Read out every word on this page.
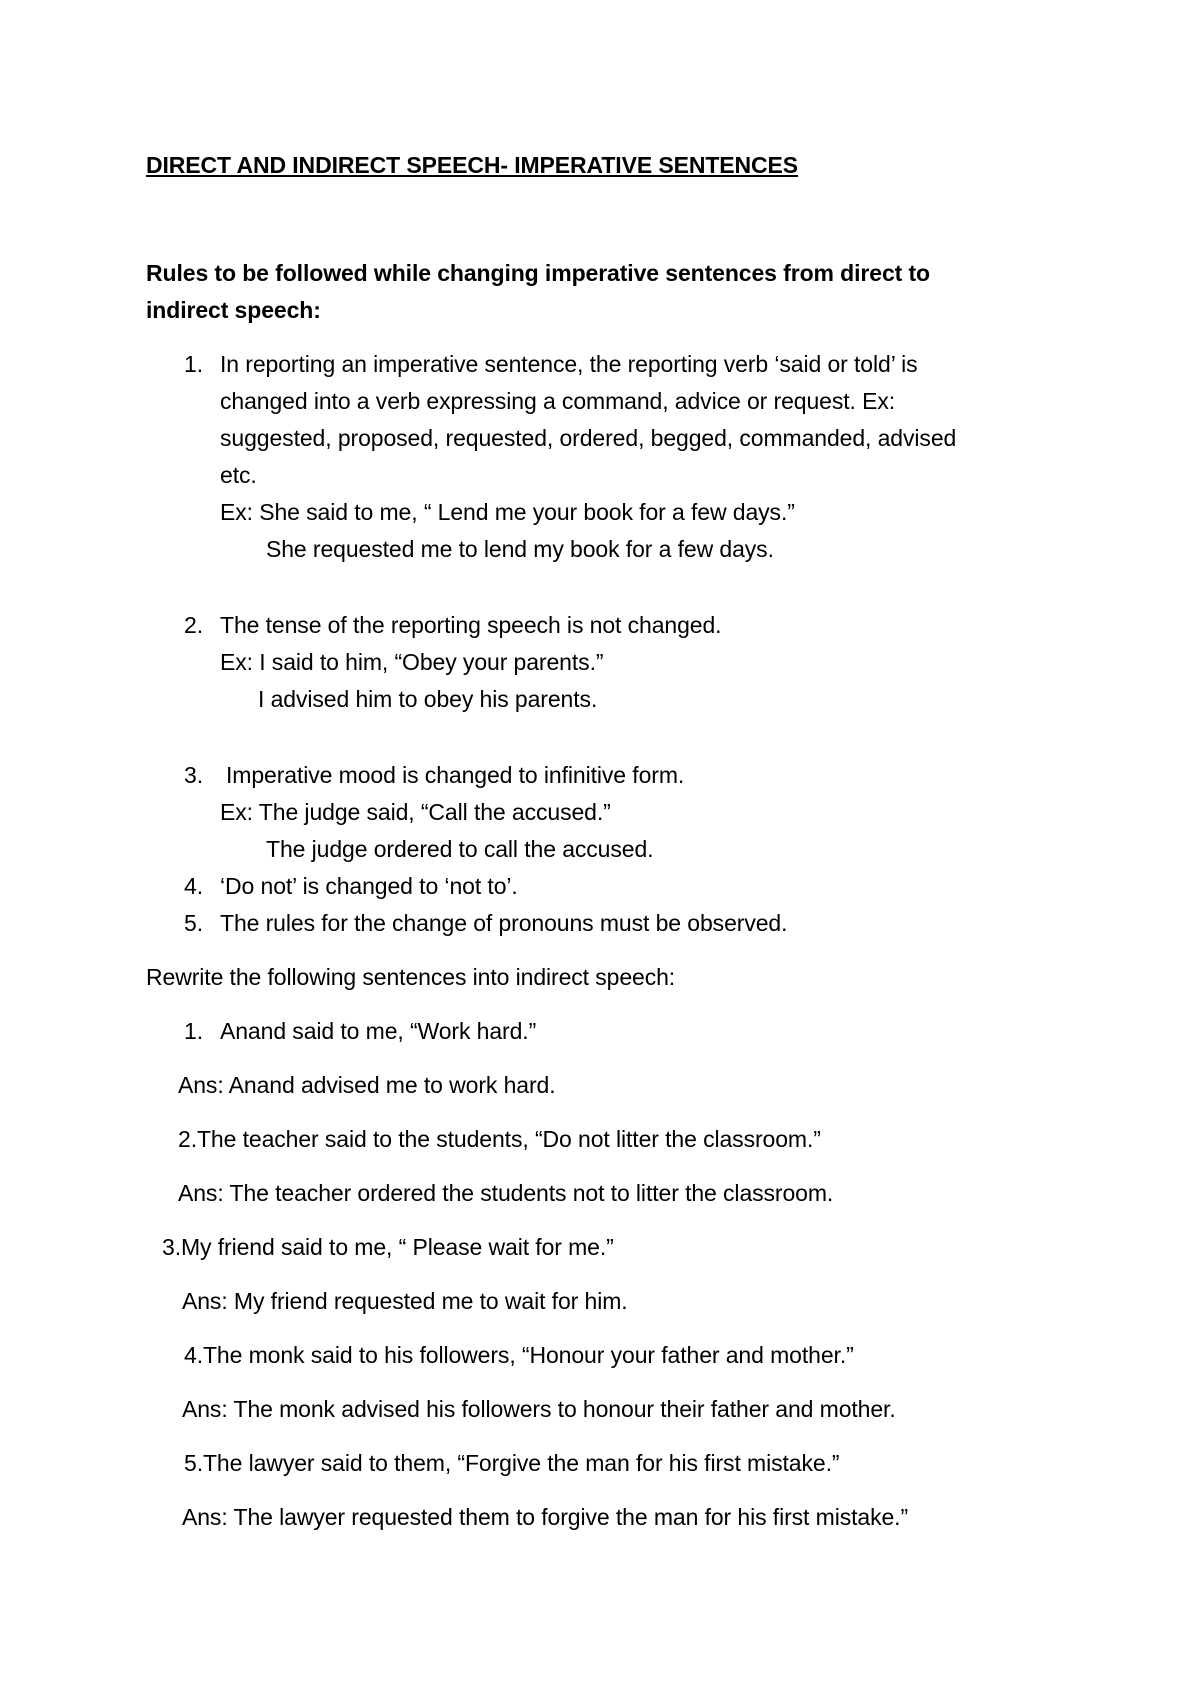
DIRECT AND INDIRECT SPEECH- IMPERATIVE SENTENCES
Rules to be followed while changing imperative sentences from direct to
indirect speech:
1. In reporting an imperative sentence, the reporting verb ‘said or told’ is
changed into a verb expressing a command, advice or request. Ex:
suggested, proposed, requested, ordered, begged, commanded, advised
etc.
Ex: She said to me, “ Lend me your book for a few days.”
She requested me to lend my book for a few days.
2. The tense of the reporting speech is not changed.
Ex: I said to him, “Obey your parents.”
I advised him to obey his parents.
3. Imperative mood is changed to infinitive form.
Ex: The judge said, “Call the accused.”
The judge ordered to call the accused.
4. ‘Do not’ is changed to ‘not to’.
5. The rules for the change of pronouns must be observed.
Rewrite the following sentences into indirect speech:
1. Anand said to me, “Work hard.”
Ans: Anand advised me to work hard.
2.The teacher said to the students, “Do not litter the classroom.”
Ans: The teacher ordered the students not to litter the classroom.
3.My friend said to me, “ Please wait for me.”
Ans: My friend requested me to wait for him.
4.The monk said to his followers, “Honour your father and mother.”
Ans: The monk advised his followers to honour their father and mother.
5.The lawyer said to them, “Forgive the man for his first mistake.”
Ans: The lawyer requested them to forgive the man for his first mistake.”
